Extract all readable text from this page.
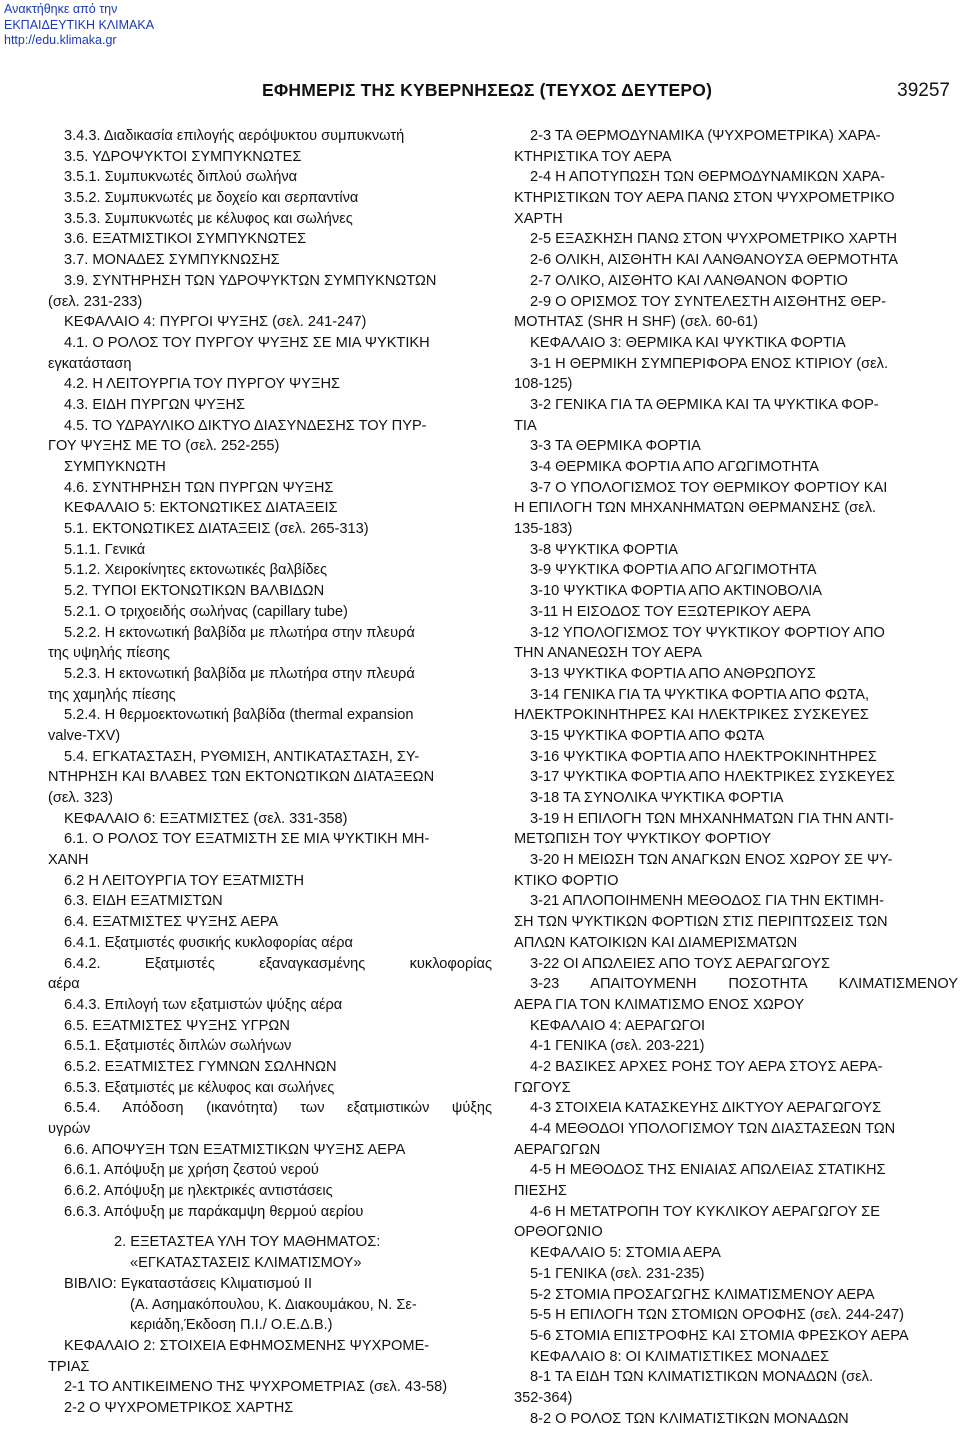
Ανακτήθηκε από την
ΕΚΠΑΙΔΕΥΤΙΚΗ ΚΛΙΜΑΚΑ
http://edu.klimaka.gr
ΕΦΗΜΕΡΙΣ ΤΗΣ ΚΥΒΕΡΝΗΣΕΩΣ (ΤΕΥΧΟΣ ΔΕΥΤΕΡΟ)	39257
3.4.3. Διαδικασία επιλογής αερόψυκτου συμπυκνωτή
3.5. ΥΔΡΟΨΥΚΤΟΙ ΣΥΜΠΥΚΝΩΤΕΣ
3.5.1. Συμπυκνωτές διπλού σωλήνα
3.5.2. Συμπυκνωτές με δοχείο και σερπαντίνα
3.5.3. Συμπυκνωτές με κέλυφος και σωλήνες
3.6. ΕΞΑΤΜΙΣΤΙΚΟΙ ΣΥΜΠΥΚΝΩΤΕΣ
3.7. ΜΟΝΑΔΕΣ ΣΥΜΠΥΚΝΩΣΗΣ
3.9. ΣΥΝΤΗΡΗΣΗ ΤΩΝ ΥΔΡΟΨΥΚΤΩΝ ΣΥΜΠΥΚΝΩΤΩΝ
(σελ. 231-233)
ΚΕΦΑΛΑΙΟ 4: ΠΥΡΓΟΙ ΨΥΞΗΣ (σελ. 241-247)
4.1. Ο ΡΟΛΟΣ ΤΟΥ ΠΥΡΓΟΥ ΨΥΞΗΣ ΣΕ ΜΙΑ ΨΥΚΤΙΚΗ
εγκατάσταση
4.2. Η ΛΕΙΤΟΥΡΓΙΑ ΤΟΥ ΠΥΡΓΟΥ ΨΥΞΗΣ
4.3. ΕΙΔΗ ΠΥΡΓΩΝ ΨΥΞΗΣ
4.5. ΤΟ ΥΔΡΑΥΛΙΚΟ ΔΙΚΤΥΟ ΔΙΑΣΥΝΔΕΣΗΣ ΤΟΥ ΠΥΡ-
ΓΟΥ ΨΥΞΗΣ ΜΕ ΤΟ (σελ. 252-255)
ΣΥΜΠΥΚΝΩΤΗ
4.6. ΣΥΝΤΗΡΗΣΗ ΤΩΝ ΠΥΡΓΩΝ ΨΥΞΗΣ
ΚΕΦΑΛΑΙΟ 5: ΕΚΤΟΝΩΤΙΚΕΣ ΔΙΑΤΑΞΕΙΣ
5.1. ΕΚΤΟΝΩΤΙΚΕΣ ΔΙΑΤΑΞΕΙΣ (σελ. 265-313)
5.1.1. Γενικά
5.1.2. Χειροκίνητες εκτονωτικές βαλβίδες
5.2. ΤΥΠΟΙ ΕΚΤΟΝΩΤΙΚΩΝ ΒΑΛΒΙΔΩΝ
5.2.1. Ο τριχοειδής σωλήνας (capillary tube)
5.2.2. Η εκτονωτική βαλβίδα με πλωτήρα στην πλευρά
της υψηλής πίεσης
5.2.3. Η εκτονωτική βαλβίδα με πλωτήρα στην πλευρά
της χαμηλής πίεσης
5.2.4. Η θερμοεκτονωτική βαλβίδα (thermal expansion
valve-TXV)
5.4. ΕΓΚΑΤΑΣΤΑΣΗ, ΡΥΘΜΙΣΗ, ΑΝΤΙΚΑΤΑΣΤΑΣΗ, ΣΥ-
ΝΤΗΡΗΣΗ ΚΑΙ ΒΛΑΒΕΣ ΤΩΝ ΕΚΤΟΝΩΤΙΚΩΝ ΔΙΑΤΑΞΕΩΝ
(σελ. 323)
ΚΕΦΑΛΑΙΟ 6: ΕΞΑΤΜΙΣΤΕΣ (σελ. 331-358)
6.1. Ο ΡΟΛΟΣ ΤΟΥ ΕΞΑΤΜΙΣΤΗ ΣΕ ΜΙΑ ΨΥΚΤΙΚΗ ΜΗ-
ΧΑΝΗ
6.2 Η ΛΕΙΤΟΥΡΓΙΑ ΤΟΥ ΕΞΑΤΜΙΣΤΗ
6.3. ΕΙΔΗ ΕΞΑΤΜΙΣΤΩΝ
6.4. ΕΞΑΤΜΙΣΤΕΣ ΨΥΞΗΣ ΑΕΡΑ
6.4.1. Εξατμιστές φυσικής κυκλοφορίας αέρα
6.4.2. Εξατμιστές εξαναγκασμένης κυκλοφορίας
αέρα
6.4.3. Επιλογή των εξατμιστών ψύξης αέρα
6.5. ΕΞΑΤΜΙΣΤΕΣ ΨΥΞΗΣ ΥΓΡΩΝ
6.5.1. Εξατμιστές διπλών σωλήνων
6.5.2. ΕΞΑΤΜΙΣΤΕΣ ΓΥΜΝΩΝ ΣΩΛΗΝΩΝ
6.5.3. Εξατμιστές με κέλυφος και σωλήνες
6.5.4. Απόδοση (ικανότητα) των εξατμιστικών ψύξης
υγρών
6.6. ΑΠΟΨΥΞΗ ΤΩΝ ΕΞΑΤΜΙΣΤΙΚΩΝ ΨΥΞΗΣ ΑΕΡΑ
6.6.1. Απόψυξη με χρήση ζεστού νερού
6.6.2. Απόψυξη με ηλεκτρικές αντιστάσεις
6.6.3. Απόψυξη με παράκαμψη θερμού αερίου
2. ΕΞΕΤΑΣΤΕΑ ΥΛΗ ΤΟΥ ΜΑΘΗΜΑΤΟΣ:
«ΕΓΚΑΤΑΣΤΑΣΕΙΣ ΚΛΙΜΑΤΙΣΜΟΥ»
ΒΙΒΛΙΟ: Εγκαταστάσεις Κλιματισμού ΙΙ
(Α. Ασημακόπουλου, Κ. Διακουμάκου, Ν. Σε-
κεριάδη,Έκδοση Π.Ι./ Ο.Ε.Δ.Β.)
ΚΕΦΑΛΑΙΟ 2: ΣΤΟΙΧΕΙΑ ΕΦΗΜΟΣΜΕΝΗΣ ΨΥΧΡΟΜΕ-
ΤΡΙΑΣ
2-1 ΤΟ ΑΝΤΙΚΕΙΜΕΝΟ ΤΗΣ ΨΥΧΡΟΜΕΤΡΙΑΣ (σελ. 43-58)
2-2 Ο ΨΥΧΡΟΜΕΤΡΙΚΟΣ ΧΑΡΤΗΣ
2-3 ΤΑ ΘΕΡΜΟΔΥΝΑΜΙΚΑ (ΨΥΧΡΟΜΕΤΡΙΚΑ) ΧΑΡΑ-
ΚΤΗΡΙΣΤΙΚΑ ΤΟΥ ΑΕΡΑ
2-4 Η ΑΠΟΤΥΠΩΣΗ ΤΩΝ ΘΕΡΜΟΔΥΝΑΜΙΚΩΝ ΧΑΡΑ-
ΚΤΗΡΙΣΤΙΚΩΝ ΤΟΥ ΑΕΡΑ ΠΑΝΩ ΣΤΟΝ ΨΥΧΡΟΜΕΤΡΙΚΟ
ΧΑΡΤΗ
2-5 ΕΞΑΣΚΗΣΗ ΠΑΝΩ ΣΤΟΝ ΨΥΧΡΟΜΕΤΡΙΚΟ ΧΑΡΤΗ
2-6 ΟΛΙΚΗ, ΑΙΣΘΗΤΗ ΚΑΙ ΛΑΝΘΑΝΟΥΣΑ ΘΕΡΜΟΤΗΤΑ
2-7 ΟΛΙΚΟ, ΑΙΣΘΗΤΟ ΚΑΙ ΛΑΝΘΑΝΟΝ ΦΟΡΤΙΟ
2-9 Ο ΟΡΙΣΜΟΣ ΤΟΥ ΣΥΝΤΕΛΕΣΤΗ ΑΙΣΘΗΤΗΣ ΘΕΡ-
ΜΟΤΗΤΑΣ (SHR Η SHF) (σελ. 60-61)
ΚΕΦΑΛΑΙΟ 3: ΘΕΡΜΙΚΑ ΚΑΙ ΨΥΚΤΙΚΑ ΦΟΡΤΙΑ
3-1 Η ΘΕΡΜΙΚΗ ΣΥΜΠΕΡΙΦΟΡΑ ΕΝΟΣ ΚΤΙΡΙΟΥ (σελ.
108-125)
3-2 ΓΕΝΙΚΑ ΓΙΑ ΤΑ ΘΕΡΜΙΚΑ ΚΑΙ ΤΑ ΨΥΚΤΙΚΑ ΦΟΡ-
ΤΙΑ
3-3 ΤΑ ΘΕΡΜΙΚΑ ΦΟΡΤΙΑ
3-4 ΘΕΡΜΙΚΑ ΦΟΡΤΙΑ ΑΠΟ ΑΓΩΓΙΜΟΤΗΤΑ
3-7 Ο ΥΠΟΛΟΓΙΣΜΟΣ ΤΟΥ ΘΕΡΜΙΚΟΥ ΦΟΡΤΙΟΥ ΚΑΙ
Η ΕΠΙΛΟΓΗ ΤΩΝ ΜΗΧΑΝΗΜΑΤΩΝ ΘΕΡΜΑΝΣΗΣ (σελ.
135-183)
3-8 ΨΥΚΤΙΚΑ ΦΟΡΤΙΑ
3-9 ΨΥΚΤΙΚΑ ΦΟΡΤΙΑ ΑΠΟ ΑΓΩΓΙΜΟΤΗΤΑ
3-10 ΨΥΚΤΙΚΑ ΦΟΡΤΙΑ ΑΠΟ ΑΚΤΙΝΟΒΟΛΙΑ
3-11 Η ΕΙΣΟΔΟΣ ΤΟΥ ΕΞΩΤΕΡΙΚΟΥ ΑΕΡΑ
3-12 ΥΠΟΛΟΓΙΣΜΟΣ ΤΟΥ ΨΥΚΤΙΚΟΥ ΦΟΡΤΙΟΥ ΑΠΟ
ΤΗΝ ΑΝΑΝΕΩΣΗ ΤΟΥ ΑΕΡΑ
3-13 ΨΥΚΤΙΚΑ ΦΟΡΤΙΑ ΑΠΟ ΑΝΘΡΩΠΟΥΣ
3-14 ΓΕΝΙΚΑ ΓΙΑ ΤΑ ΨΥΚΤΙΚΑ ΦΟΡΤΙΑ ΑΠΟ ΦΩΤΑ,
ΗΛΕΚΤΡΟΚΙΝΗΤΗΡΕΣ ΚΑΙ ΗΛΕΚΤΡΙΚΕΣ ΣΥΣΚΕΥΕΣ
3-15 ΨΥΚΤΙΚΑ ΦΟΡΤΙΑ ΑΠΟ ΦΩΤΑ
3-16 ΨΥΚΤΙΚΑ ΦΟΡΤΙΑ ΑΠΟ ΗΛΕΚΤΡΟΚΙΝΗΤΗΡΕΣ
3-17 ΨΥΚΤΙΚΑ ΦΟΡΤΙΑ ΑΠΟ ΗΛΕΚΤΡΙΚΕΣ ΣΥΣΚΕΥΕΣ
3-18 ΤΑ ΣΥΝΟΛΙΚΑ ΨΥΚΤΙΚΑ ΦΟΡΤΙΑ
3-19 Η ΕΠΙΛΟΓΗ ΤΩΝ ΜΗΧΑΝΗΜΑΤΩΝ ΓΙΑ ΤΗΝ ΑΝΤΙ-
ΜΕΤΩΠΙΣΗ ΤΟΥ ΨΥΚΤΙΚΟΥ ΦΟΡΤΙΟΥ
3-20 Η ΜΕΙΩΣΗ ΤΩΝ ΑΝΑΓΚΩΝ ΕΝΟΣ ΧΩΡΟΥ ΣΕ ΨΥ-
ΚΤΙΚΟ ΦΟΡΤΙΟ
3-21 ΑΠΛΟΠΟΙΗΜΕΝΗ ΜΕΘΟΔΟΣ ΓΙΑ ΤΗΝ ΕΚΤΙΜΗ-
ΣΗ ΤΩΝ ΨΥΚΤΙΚΩΝ ΦΟΡΤΙΩΝ ΣΤΙΣ ΠΕΡΙΠΤΩΣΕΙΣ ΤΩΝ
ΑΠΛΩΝ ΚΑΤΟΙΚΙΩΝ ΚΑΙ ΔΙΑΜΕΡΙΣΜΑΤΩΝ
3-22 ΟΙ ΑΠΩΛΕΙΕΣ ΑΠΟ ΤΟΥΣ ΑΕΡΑΓΩΓΟΥΣ
3-23 ΑΠΑΙΤΟΥΜΕΝΗ ΠΟΣΟΤΗΤΑ ΚΛΙΜΑΤΙΣΜΕΝΟΥ
ΑΕΡΑ ΓΙΑ ΤΟΝ ΚΛΙΜΑΤΙΣΜΟ ΕΝΟΣ ΧΩΡΟΥ
ΚΕΦΑΛΑΙΟ 4: ΑΕΡΑΓΩΓΟΙ
4-1 ΓΕΝΙΚΑ (σελ. 203-221)
4-2 ΒΑΣΙΚΕΣ ΑΡΧΕΣ ΡΟΗΣ ΤΟΥ ΑΕΡΑ ΣΤΟΥΣ ΑΕΡΑ-
ΓΩΓΟΥΣ
4-3 ΣΤΟΙΧΕΙΑ ΚΑΤΑΣΚΕΥΗΣ ΔΙΚΤΥΟΥ ΑΕΡΑΓΩΓΟΥΣ
4-4 ΜΕΘΟΔΟΙ ΥΠΟΛΟΓΙΣΜΟΥ ΤΩΝ ΔΙΑΣΤΑΣΕΩΝ ΤΩΝ
ΑΕΡΑΓΩΓΩΝ
4-5 Η ΜΕΘΟΔΟΣ ΤΗΣ ΕΝΙΑΙΑΣ ΑΠΩΛΕΙΑΣ ΣΤΑΤΙΚΗΣ
ΠΙΕΣΗΣ
4-6 Η ΜΕΤΑΤΡΟΠΗ ΤΟΥ ΚΥΚΛΙΚΟΥ ΑΕΡΑΓΩΓΟΥ ΣΕ
ΟΡΘΟΓΩΝΙΟ
ΚΕΦΑΛΑΙΟ 5: ΣΤΟΜΙΑ ΑΕΡΑ
5-1 ΓΕΝΙΚΑ (σελ. 231-235)
5-2 ΣΤΟΜΙΑ ΠΡΟΣΑΓΩΓΗΣ ΚΛΙΜΑΤΙΣΜΕΝΟΥ ΑΕΡΑ
5-5 Η ΕΠΙΛΟΓΗ ΤΩΝ ΣΤΟΜΙΩΝ ΟΡΟΦΗΣ (σελ. 244-247)
5-6 ΣΤΟΜΙΑ ΕΠΙΣΤΡΟΦΗΣ ΚΑΙ ΣΤΟΜΙΑ ΦΡΕΣΚΟΥ ΑΕΡΑ
ΚΕΦΑΛΑΙΟ 8: ΟΙ ΚΛΙΜΑΤΙΣΤΙΚΕΣ ΜΟΝΑΔΕΣ
8-1 ΤΑ ΕΙΔΗ ΤΩΝ ΚΛΙΜΑΤΙΣΤΙΚΩΝ ΜΟΝΑΔΩΝ (σελ.
352-364)
8-2 Ο ΡΟΛΟΣ ΤΩΝ ΚΛΙΜΑΤΙΣΤΙΚΩΝ ΜΟΝΑΔΩΝ
